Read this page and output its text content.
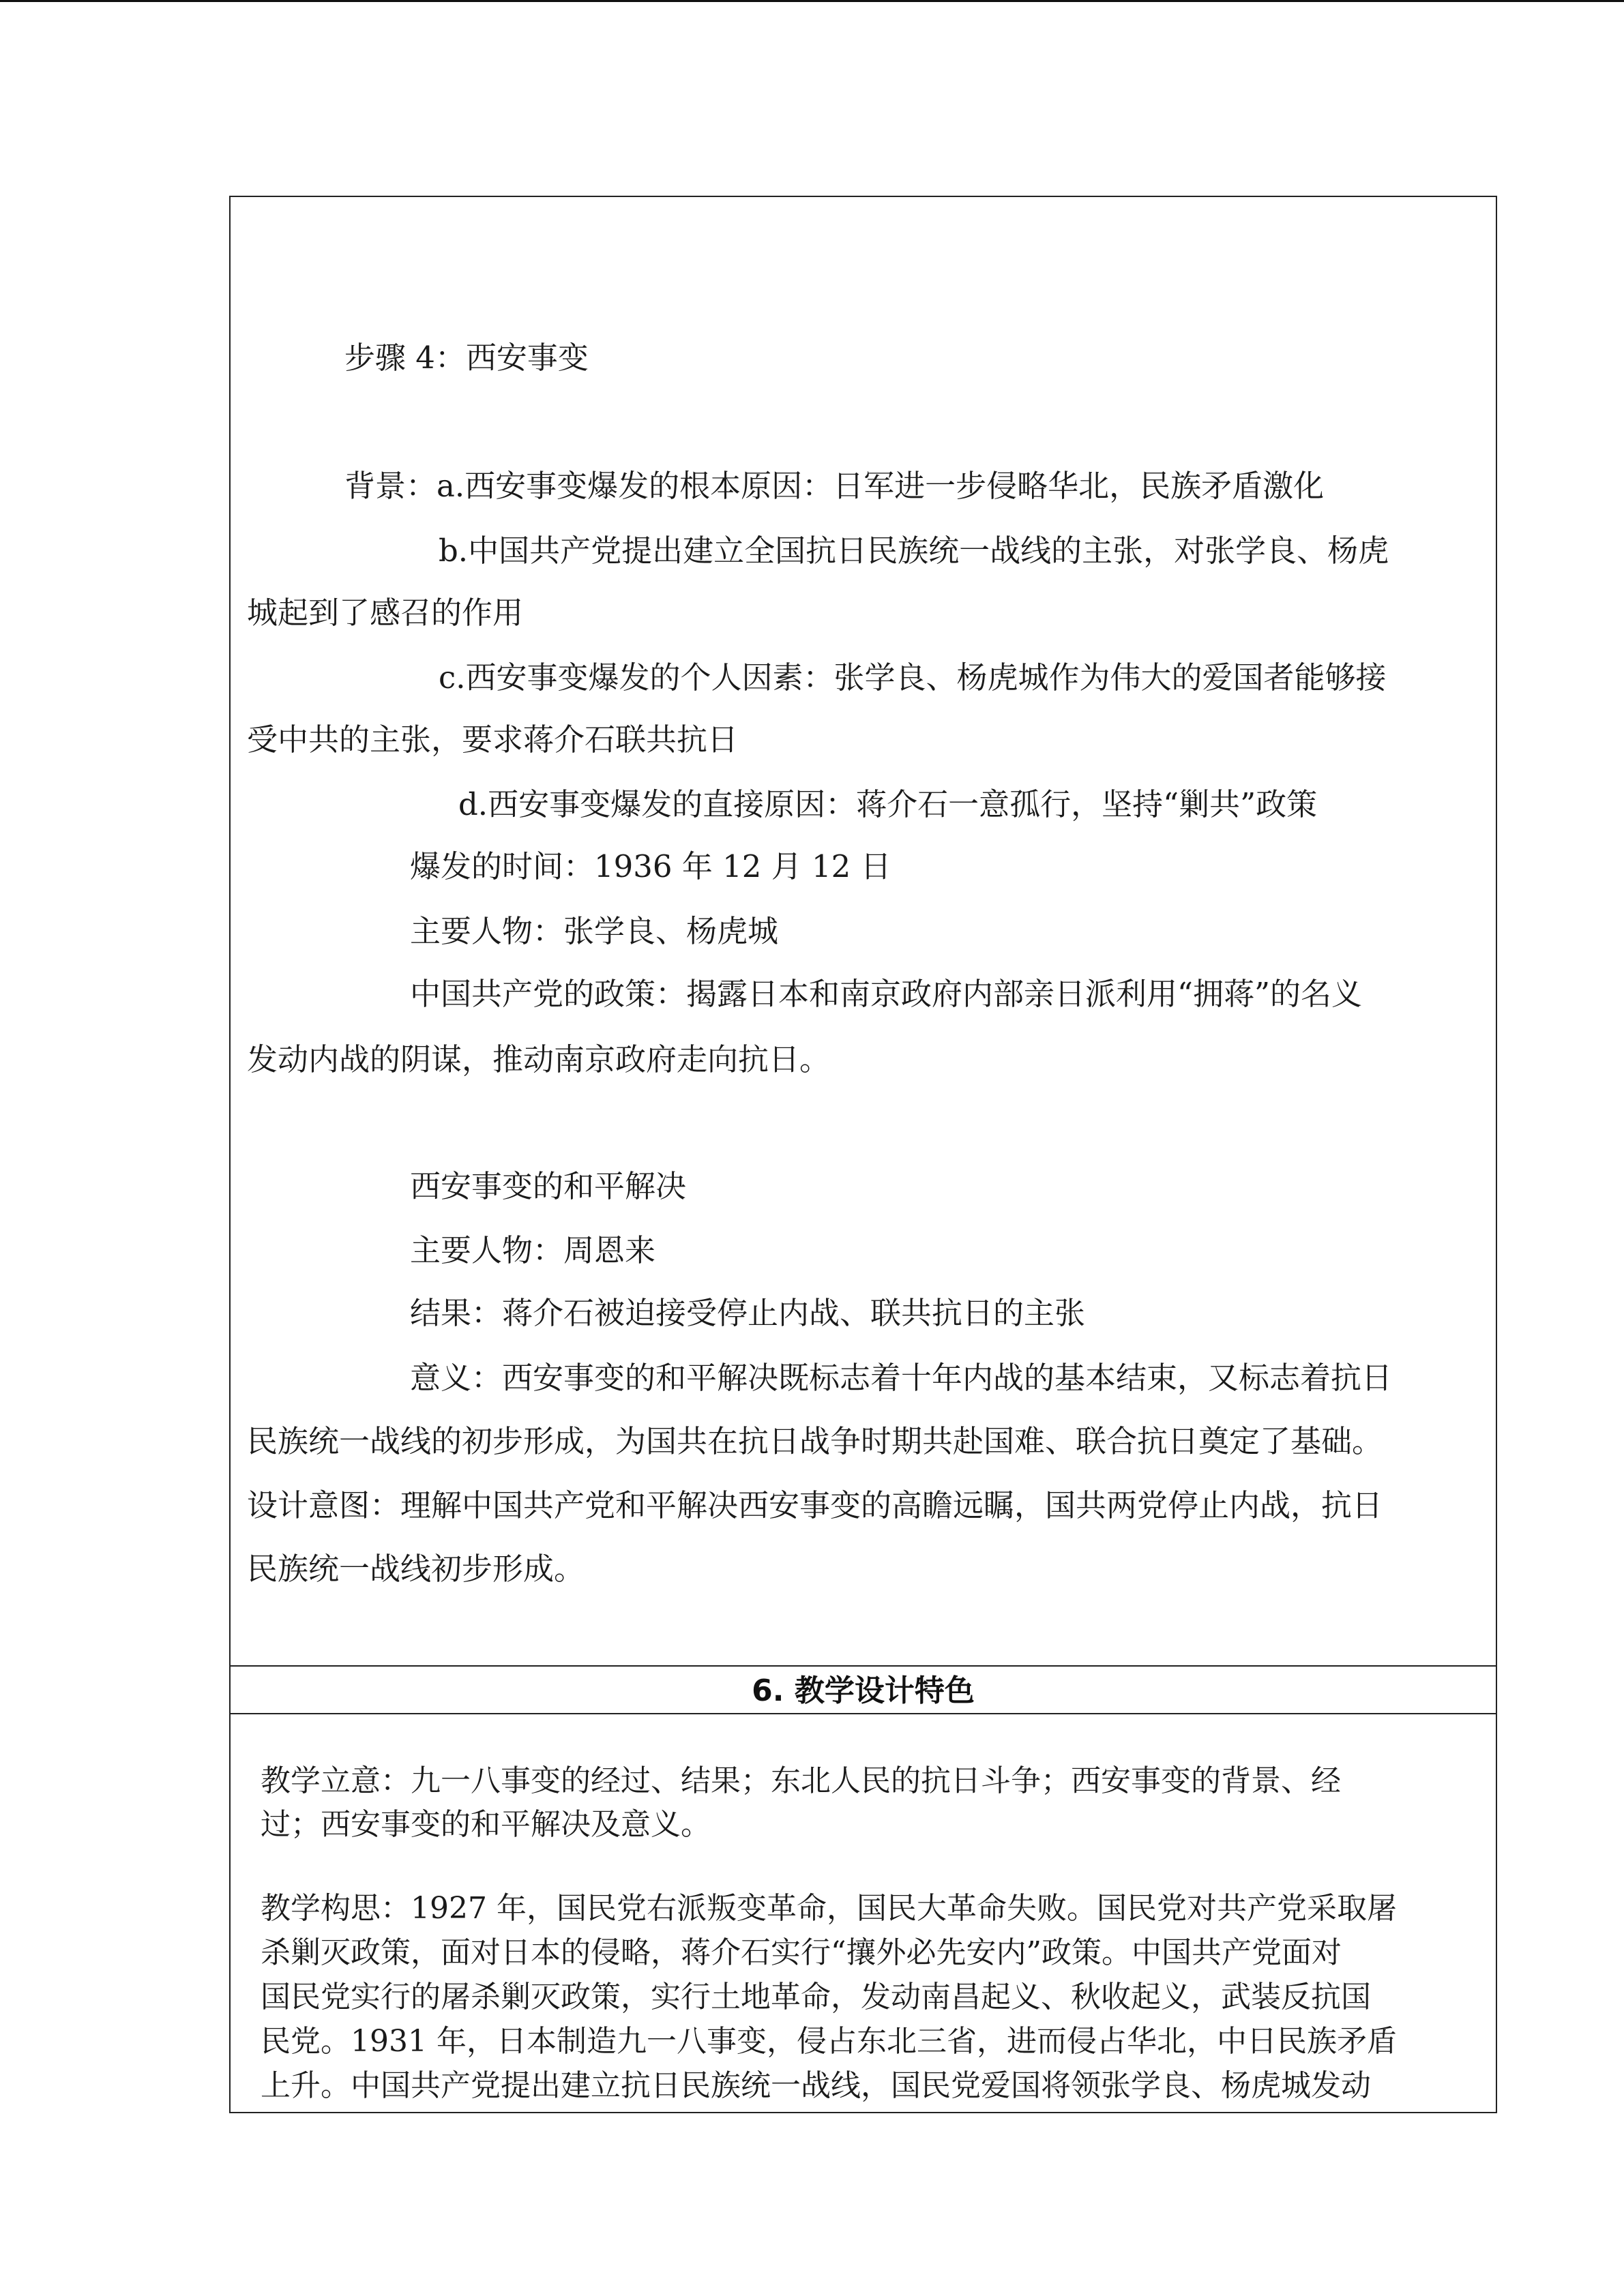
步骤 4：西安事变
背景：a.西安事变爆发的根本原因：日军进一步侵略华北，民族矛盾激化
b.中国共产党提出建立全国抗日民族统一战线的主张，对张学良、杨虎
城起到了感召的作用
c.西安事变爆发的个人因素：张学良、杨虎城作为伟大的爱国者能够接
受中共的主张，要求蒋介石联共抗日
d.西安事变爆发的直接原因：蒋介石一意孤行，坚持“剿共”政策
爆发的时间：1936 年 12 月 12 日
主要人物：张学良、杨虎城
中国共产党的政策：揭露日本和南京政府内部亲日派利用“拥蒋”的名义
发动内战的阴谋，推动南京政府走向抗日。
西安事变的和平解决
主要人物：周恩来
结果：蒋介石被迫接受停止内战、联共抗日的主张
意义：西安事变的和平解决既标志着十年内战的基本结束，又标志着抗日
民族统一战线的初步形成，为国共在抗日战争时期共赴国难、联合抗日奠定了基础。
设计意图：理解中国共产党和平解决西安事变的高瞻远瞩，国共两党停止内战，抗日
民族统一战线初步形成。
6. 教学设计特色
教学立意：九一八事变的经过、结果；东北人民的抗日斗争；西安事变的背景、经
过；西安事变的和平解决及意义。
教学构思：1927 年，国民党右派叛变革命，国民大革命失败。国民党对共产党采取屠
杀剿灭政策，面对日本的侵略，蒋介石实行“攘外必先安内”政策。中国共产党面对
国民党实行的屠杀剿灭政策，实行土地革命，发动南昌起义、秋收起义，武装反抗国
民党。1931 年，日本制造九一八事变，侵占东北三省，进而侵占华北，中日民族矛盾
上升。中国共产党提出建立抗日民族统一战线，国民党爱国将领张学良、杨虎城发动
